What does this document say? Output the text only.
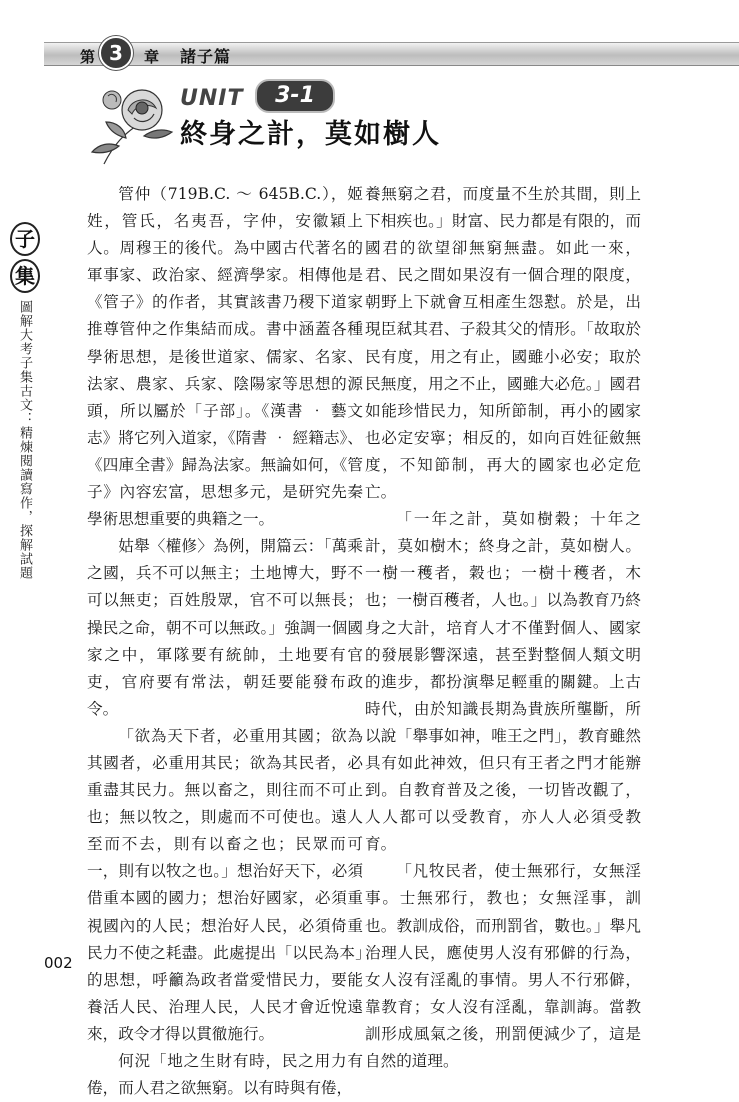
第	章
3	諸子篇
UNIT	3-1
終身之計，莫如樹人
子
集
圖解大考子集古文：精煉閱讀寫作，探解試題

管仲（719B.C. ～ 645B.C.），姬姓，管氏，名夷吾，字仲，安徽穎上人。周穆王的後代。為中國古代著名的軍事家、政治家、經濟學家。相傳他是《管子》的作者，其實該書乃稷下道家推尊管仲之作集結而成。書中涵蓋各種學術思想，是後世道家、儒家、名家、法家、農家、兵家、陰陽家等思想的源頭，所以屬於「子部」。《漢書 ‧ 藝文志》將它列入道家，《隋書 ‧ 經籍志》、《四庫全書》歸為法家。無論如何，《管子》內容宏富，思想多元，是研究先秦學術思想重要的典籍之一。

姑舉〈權修〉為例，開篇云：「萬乘之國，兵不可以無主；土地博大，野不可以無吏；百姓殷眾，官不可以無長；操民之命，朝不可以無政。」強調一個國家之中，軍隊要有統帥，土地要有官吏，官府要有常法，朝廷要能發布政令。

「欲為天下者，必重用其國；欲為其國者，必重用其民；欲為其民者，必重盡其民力。無以畜之，則往而不可止也；無以牧之，則處而不可使也。遠人至而不去，則有以畜之也；民眾而可一，則有以牧之也。」想治好天下，必須借重本國的國力；想治好國家，必須重視國內的人民；想治好人民，必須倚重民力不使之耗盡。此處提出「以民為本」的思想，呼籲為政者當愛惜民力，要能養活人民、治理人民，人民才會近悅遠來，政令才得以貫徹施行。

何況「地之生財有時，民之用力有倦，而人君之欲無窮。以有時與有倦，

養無窮之君，而度量不生於其間，則上下相疾也。」財富、民力都是有限的，而國君的欲望卻無窮無盡。如此一來，君、民之間如果沒有一個合理的限度，朝野上下就會互相產生怨懟。於是，出現臣弒其君、子殺其父的情形。「故取於民有度，用之有止，國雖小必安；取於民無度，用之不止，國雖大必危。」國君如能珍惜民力，知所節制，再小的國家也必定安寧；相反的，如向百姓征斂無度，不知節制，再大的國家也必定危亡。

「一年之計，莫如樹穀；十年之計，莫如樹木；終身之計，莫如樹人。一樹一穫者，穀也；一樹十穫者，木也；一樹百穫者，人也。」以為教育乃終身之大計，培育人才不僅對個人、國家的發展影響深遠，甚至對整個人類文明的進步，都扮演舉足輕重的關鍵。上古時代，由於知識長期為貴族所壟斷，所以說「舉事如神，唯王之門」，教育雖然具有如此神效，但只有王者之門才能辦到。自教育普及之後，一切皆改觀了，人人都可以受教育，亦人人必須受教育。

「凡牧民者，使士無邪行，女無淫事。士無邪行，教也；女無淫事，訓也。教訓成俗，而刑罰省，數也。」舉凡治理人民，應使男人沒有邪僻的行為，女人沒有淫亂的事情。男人不行邪僻，靠教育；女人沒有淫亂，靠訓誨。當教訓形成風氣之後，刑罰便減少了，這是自然的道理。

002
